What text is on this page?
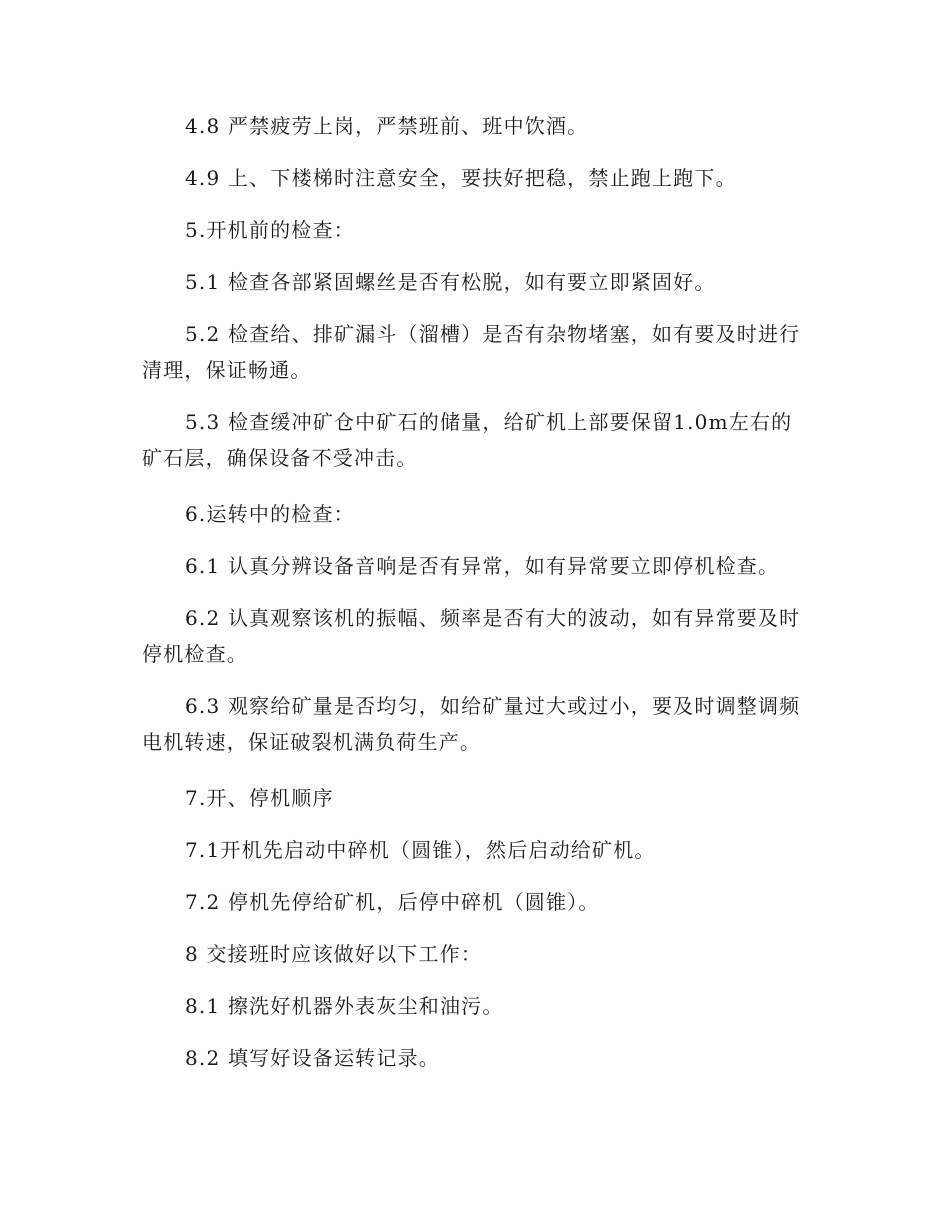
4.8 严禁疲劳上岗，严禁班前、班中饮酒。

4.9 上、下楼梯时注意安全，要扶好把稳，禁止跑上跑下。

5.开机前的检查：

5.1 检查各部紧固螺丝是否有松脱，如有要立即紧固好。

5.2 检查给、排矿漏斗（溜槽）是否有杂物堵塞，如有要及时进行清理，保证畅通。

5.3 检查缓冲矿仓中矿石的储量，给矿机上部要保留1.0m左右的矿石层，确保设备不受冲击。

6.运转中的检查：

6.1 认真分辨设备音响是否有异常，如有异常要立即停机检查。

6.2 认真观察该机的振幅、频率是否有大的波动，如有异常要及时停机检查。

6.3 观察给矿量是否均匀，如给矿量过大或过小，要及时调整调频电机转速，保证破裂机满负荷生产。

7.开、停机顺序

7.1开机先启动中碎机（圆锥），然后启动给矿机。

7.2 停机先停给矿机，后停中碎机（圆锥）。

8 交接班时应该做好以下工作：

8.1 擦洗好机器外表灰尘和油污。

8.2 填写好设备运转记录。
